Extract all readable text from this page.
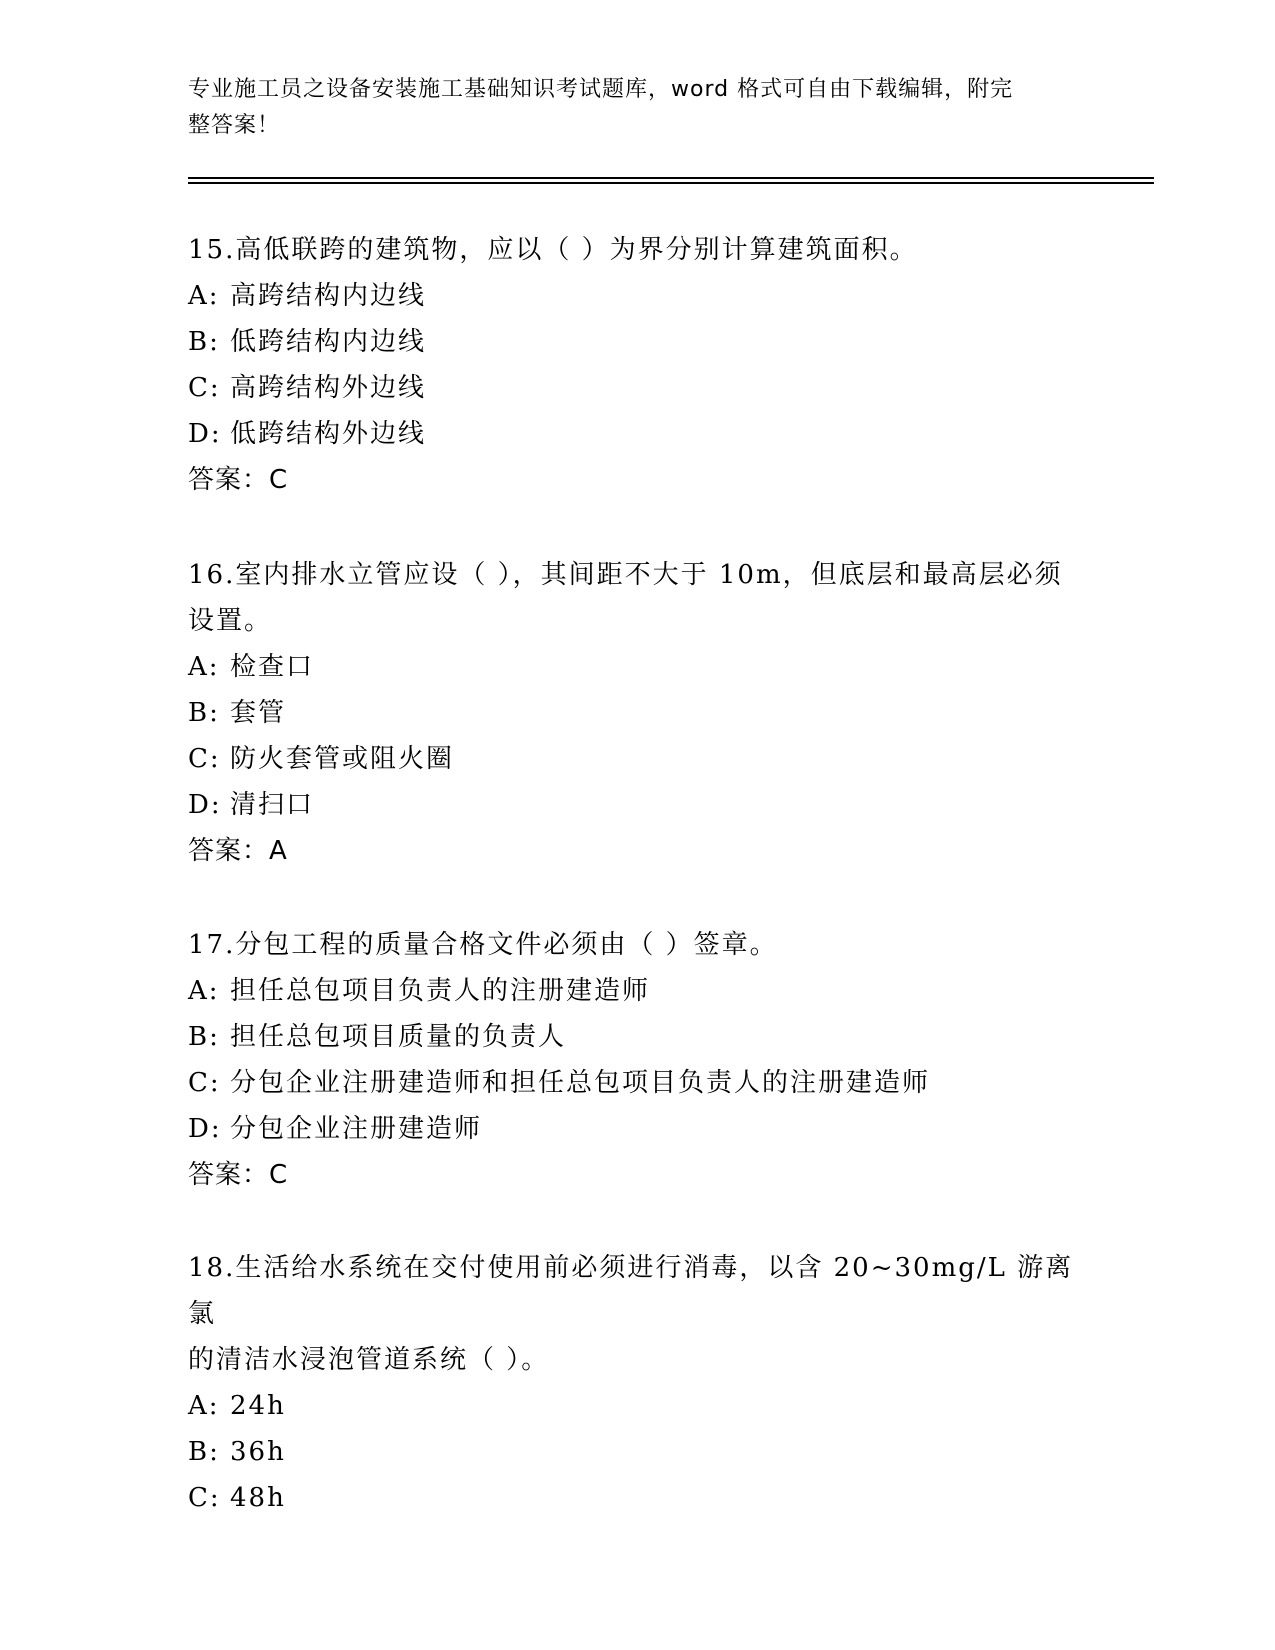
专业施工员之设备安装施工基础知识考试题库，word 格式可自由下载编辑，附完
整答案！

15.高低联跨的建筑物，应以（ ）为界分别计算建筑面积。

A: 高跨结构内边线

B: 低跨结构内边线

C: 高跨结构外边线

D: 低跨结构外边线

答案：C

16.室内排水立管应设（ ），其间距不大于 10m，但底层和最高层必须

设置。

A: 检查口

B: 套管

C: 防火套管或阻火圈

D: 清扫口

答案：A

17.分包工程的质量合格文件必须由（ ）签章。

A: 担任总包项目负责人的注册建造师

B: 担任总包项目质量的负责人

C: 分包企业注册建造师和担任总包项目负责人的注册建造师

D: 分包企业注册建造师

答案：C

18.生活给水系统在交付使用前必须进行消毒，以含 20~30mg/L 游离氯

的清洁水浸泡管道系统（ ）。

A: 24h

B: 36h

C: 48h
